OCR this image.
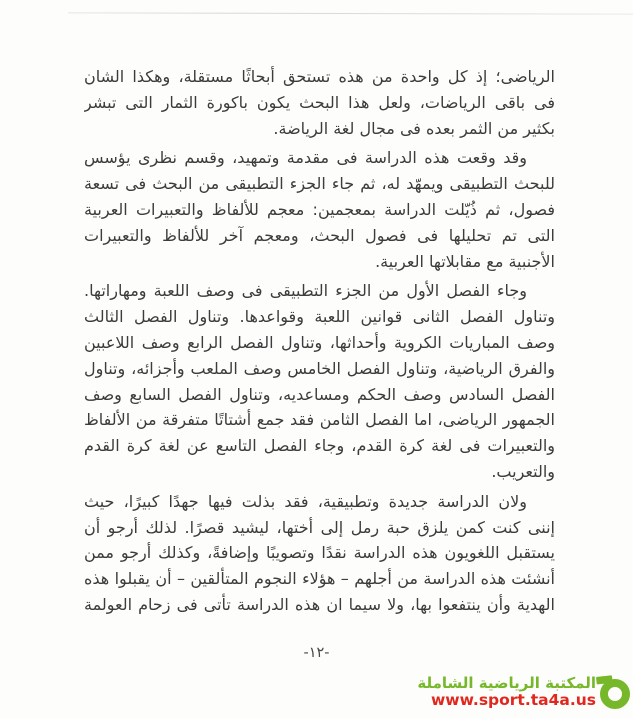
الرياضى؛ إذ كل واحدة من هذه تستحق أبحاثًا مستقلة، وهكذا الشان
فى باقى الرياضات، ولعل هذا البحث يكون باكورة الثمار التى تبشر
بكثير من الثمر بعده فى مجال لغة الرياضة.
وقد وقعت هذه الدراسة فى مقدمة وتمهيد، وقسم نظرى يؤسس
للبحث التطبيقى ويمهّد له، ثم جاء الجزء التطبيقى من البحث فى تسعة
فصول، ثم ذُيّلت الدراسة بمعجمين: معجم للألفاظ والتعبيرات العربية
التى تم تحليلها فى فصول البحث، ومعجم آخر للألفاظ والتعبيرات
الأجنبية مع مقابلاتها العربية.
وجاء الفصل الأول من الجزء التطبيقى فى وصف اللعبة ومهاراتها.
وتناول الفصل الثانى قوانين اللعبة وقواعدها. وتناول الفصل الثالث
وصف المباريات الكروية وأحداثها، وتناول الفصل الرابع وصف اللاعبين
والفرق الرياضية، وتناول الفصل الخامس وصف الملعب وأجزائه، وتناول
الفصل السادس وصف الحكم ومساعديه، وتناول الفصل السابع وصف
الجمهور الرياضى، اما الفصل الثامن فقد جمع أشتاتًا متفرقة من الألفاظ
والتعبيرات فى لغة كرة القدم، وجاء الفصل التاسع عن لغة كرة القدم
والتعريب.
ولان الدراسة جديدة وتطبيقية، فقد بذلت فيها جهدًا كبيرًا، حيث
إننى كنت كمن يلزق حبة رمل إلى أختها، ليشيد قصرًا. لذلك أرجو أن
يستقبل اللغويون هذه الدراسة نقدًا وتصويبًا وإضافةً، وكذلك أرجو ممن
أنشئت هذه الدراسة من أجلهم – هؤلاء النجوم المتألقين – أن يقبلوا هذه
الهدية وأن ينتفعوا بها، ولا سيما ان هذه الدراسة تأتى فى زحام العولمة
-١٢-
المكتبة الرياضية الشاملة
www.sport.ta4a.us
